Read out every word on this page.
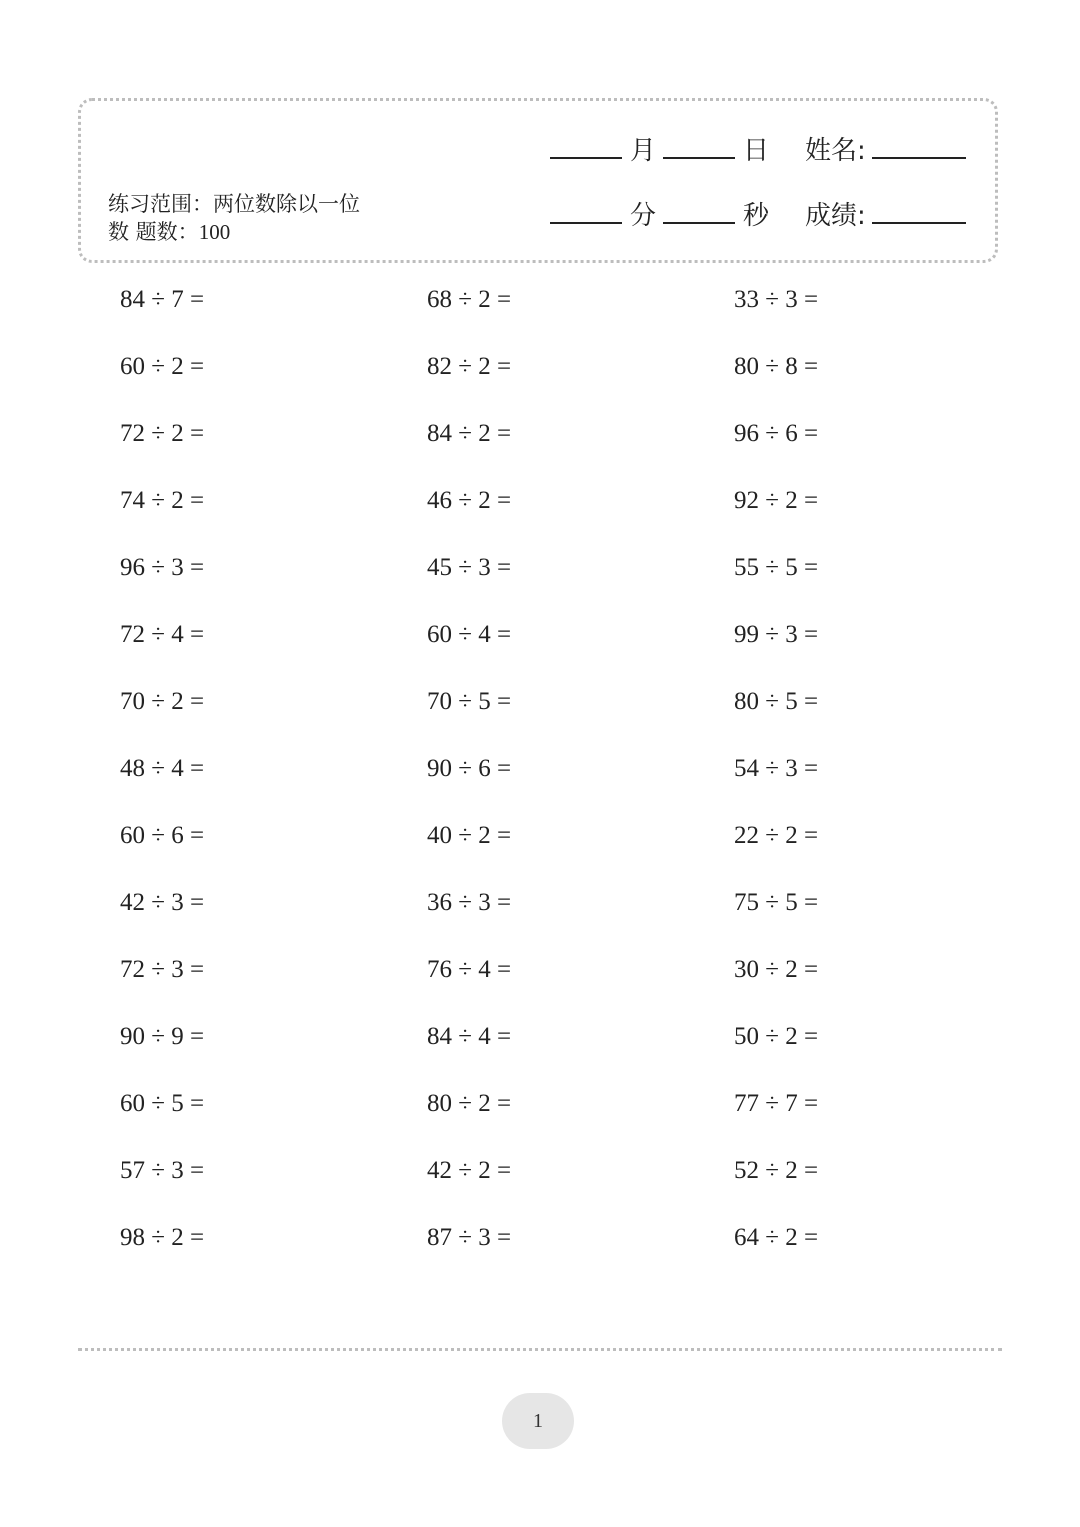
练习范围：两位数除以一位
数 题数：100
月	日 姓名:
分	秒 成绩:
84 ÷ 7 =	68 ÷ 2 =	33 ÷ 3 =
60 ÷ 2 =	82 ÷ 2 =	80 ÷ 8 =
72 ÷ 2 =	84 ÷ 2 =	96 ÷ 6 =
74 ÷ 2 =	46 ÷ 2 =	92 ÷ 2 =
96 ÷ 3 =	45 ÷ 3 =	55 ÷ 5 =
72 ÷ 4 =	60 ÷ 4 =	99 ÷ 3 =
70 ÷ 2 =	70 ÷ 5 =	80 ÷ 5 =
48 ÷ 4 =	90 ÷ 6 =	54 ÷ 3 =
60 ÷ 6 =	40 ÷ 2 =	22 ÷ 2 =
42 ÷ 3 =	36 ÷ 3 =	75 ÷ 5 =
72 ÷ 3 =	76 ÷ 4 =	30 ÷ 2 =
90 ÷ 9 =	84 ÷ 4 =	50 ÷ 2 =
60 ÷ 5 =	80 ÷ 2 =	77 ÷ 7 =
57 ÷ 3 =	42 ÷ 2 =	52 ÷ 2 =
98 ÷ 2 =	87 ÷ 3 =	64 ÷ 2 =
1
